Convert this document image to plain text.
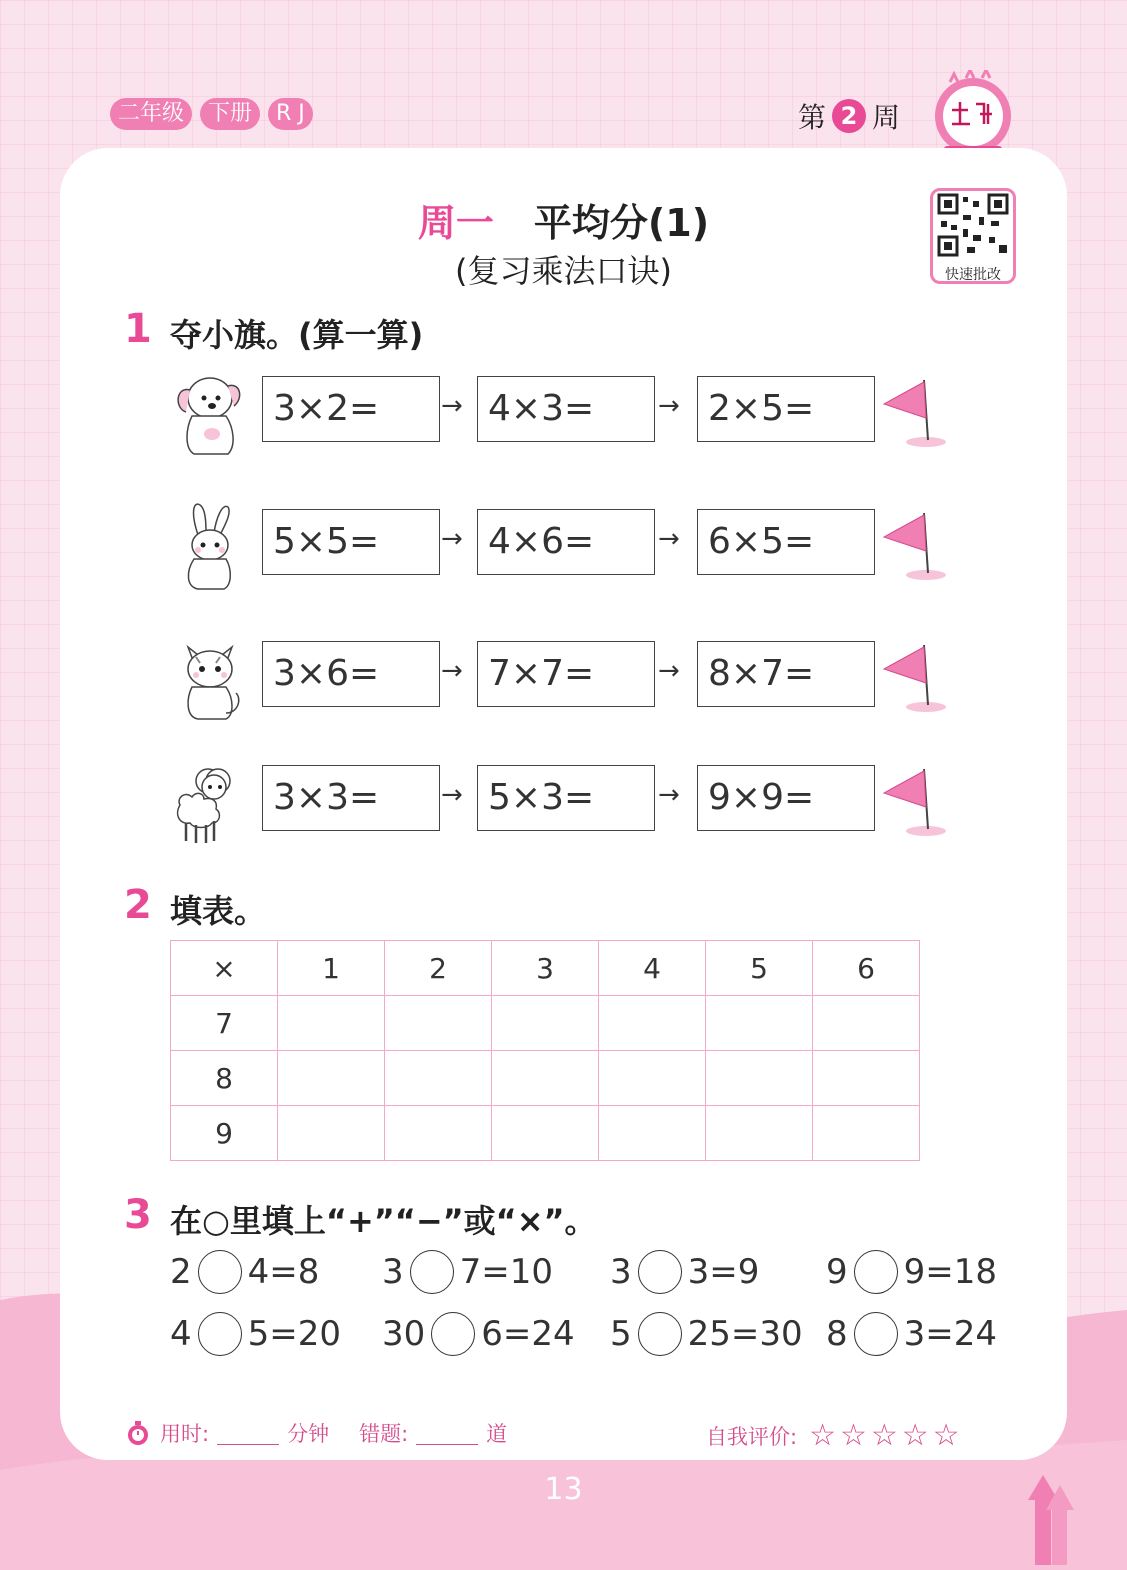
二年级	下册	R J	第 2 周
周一 平均分(1)
(复习乘法口诀)	快速批改
1 夺小旗。(算一算)
3×2=	4×3=	2×5=
→	→
5×5=	4×6=	6×5=
→	→
3×6=	7×7=	8×7=
→	→
3×3=	5×3=	9×9=
→	→
2 填表。
×	1	2	3	4	5	6
7						
8						
9						
3 在○里填上“+”“−”或“×”。
2 4=8 3 7=10 3 3=9 9 9=18
4 5=20 30 6=24 5 25=30 8 3=24
用时:	分钟 错题:	道	自我评价: ☆☆☆☆☆
13
